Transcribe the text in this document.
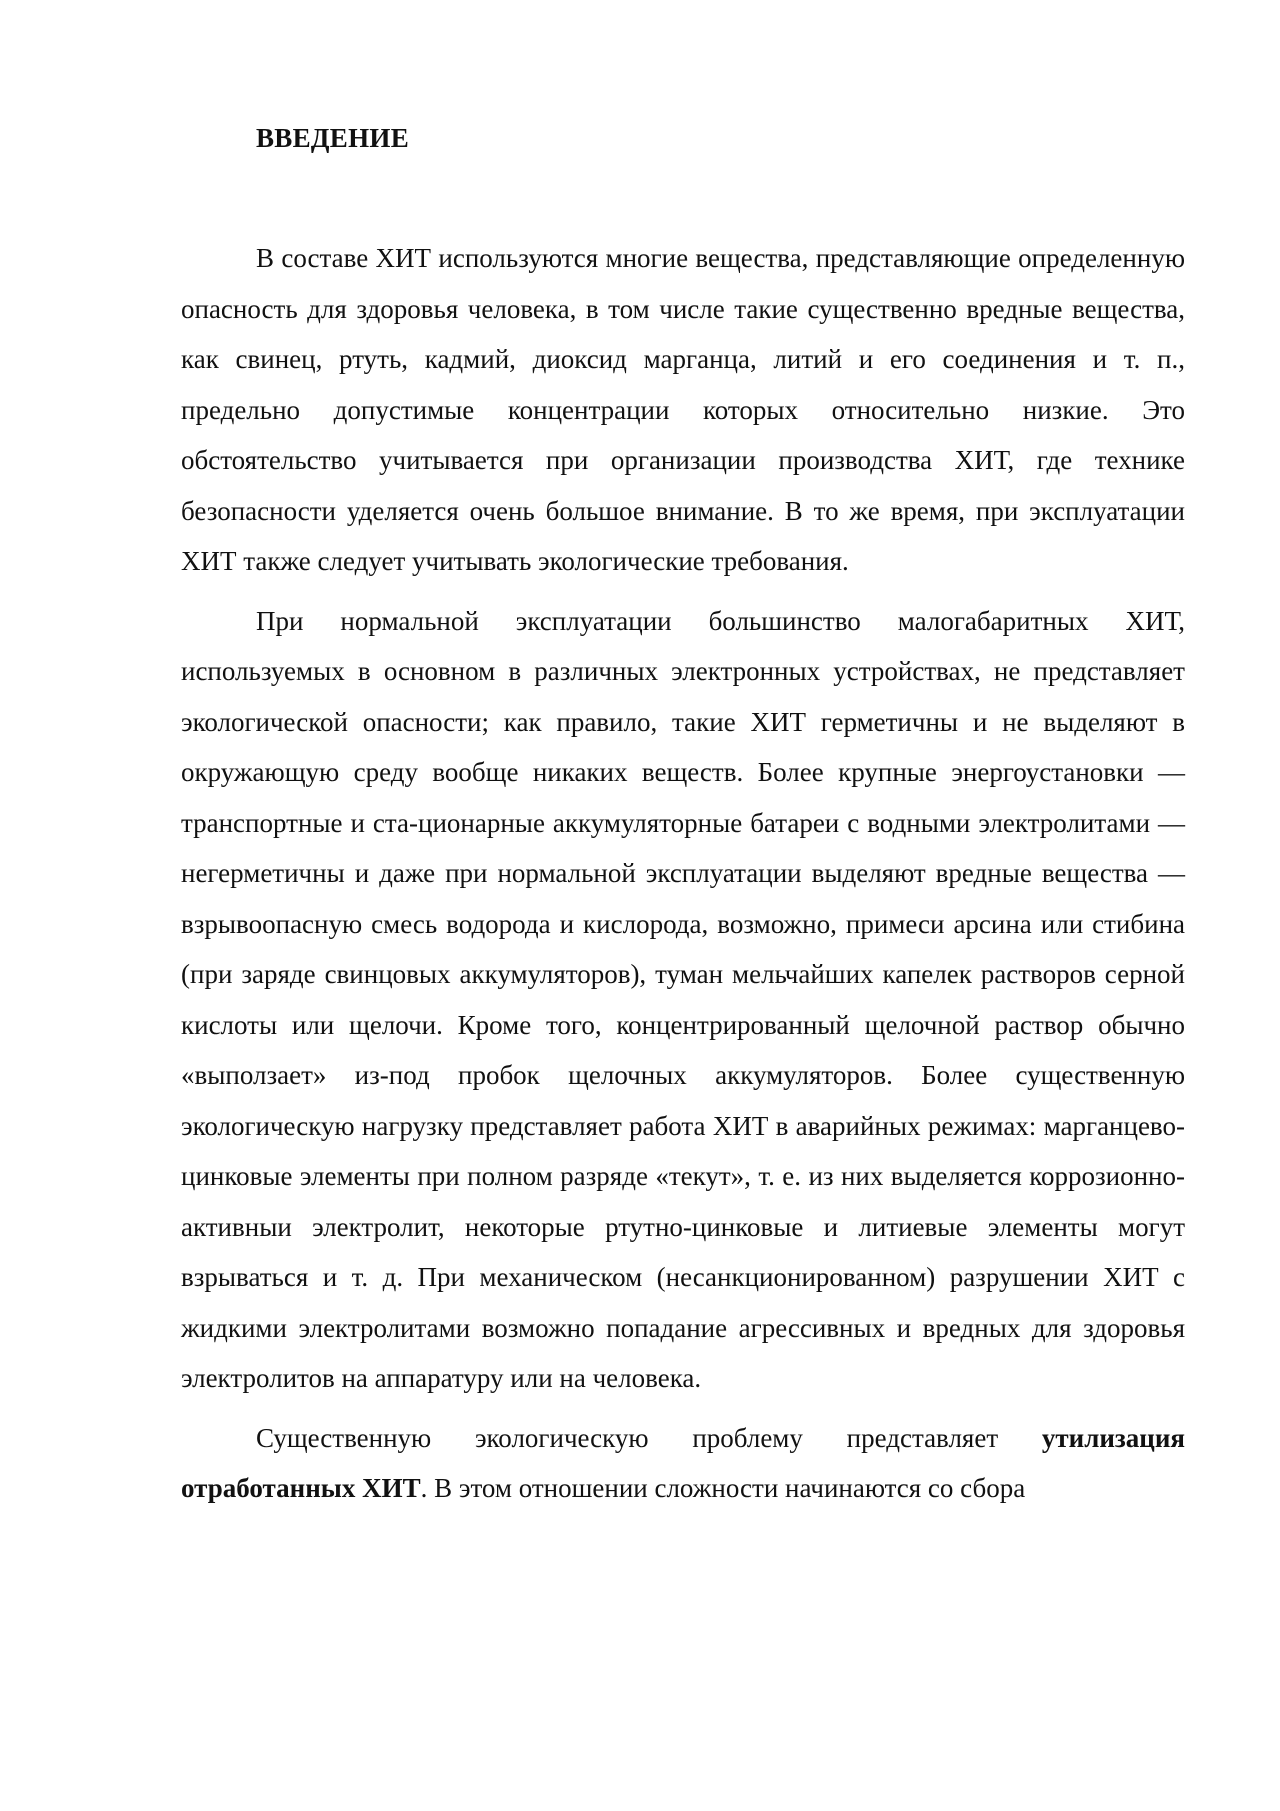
ВВЕДЕНИЕ

В составе ХИТ используются многие вещества, представляющие определенную опасность для здоровья человека, в том числе такие существенно вредные вещества, как свинец, ртуть, кадмий, диоксид марганца, литий и его соединения и т. п., предельно допустимые концентрации которых относительно низкие. Это обстоятельство учитывается при организации производства ХИТ, где технике безопасности уделяется очень большое внимание. В то же время, при эксплуатации ХИТ также следует учитывать экологические требования.

При нормальной эксплуатации большинство малогабаритных ХИТ, используемых в основном в различных электронных устройствах, не представляет экологической опасности; как правило, такие ХИТ герметичны и не выделяют в окружающую среду вообще никаких веществ. Более крупные энергоустановки — транспортные и ста-ционарные аккумуляторные батареи с водными электролитами — негерметичны и даже при нормальной эксплуатации выделяют вредные вещества — взрывоопасную смесь водорода и кислорода, возможно, примеси арсина или стибина (при заряде свинцовых аккумуляторов), туман мельчайших капелек растворов серной кислоты или щелочи. Кроме того, концентрированный щелочной раствор обычно «выползает» из-под пробок щелочных аккумуляторов. Более существенную экологическую нагрузку представляет работа ХИТ в аварийных режимах: марганцево-цинковые элементы при полном разряде «текут», т. е. из них выделяется коррозионно-активныи электролит, некоторые ртутно-цинковые и литиевые элементы могут взрываться и т. д. При механическом (несанкционированном) разрушении ХИТ с жидкими электролитами возможно попадание агрессивных и вредных для здоровья электролитов на аппаратуру или на человека.

Существенную экологическую проблему представляет утилизация отработанных ХИТ. В этом отношении сложности начинаются со сбора
